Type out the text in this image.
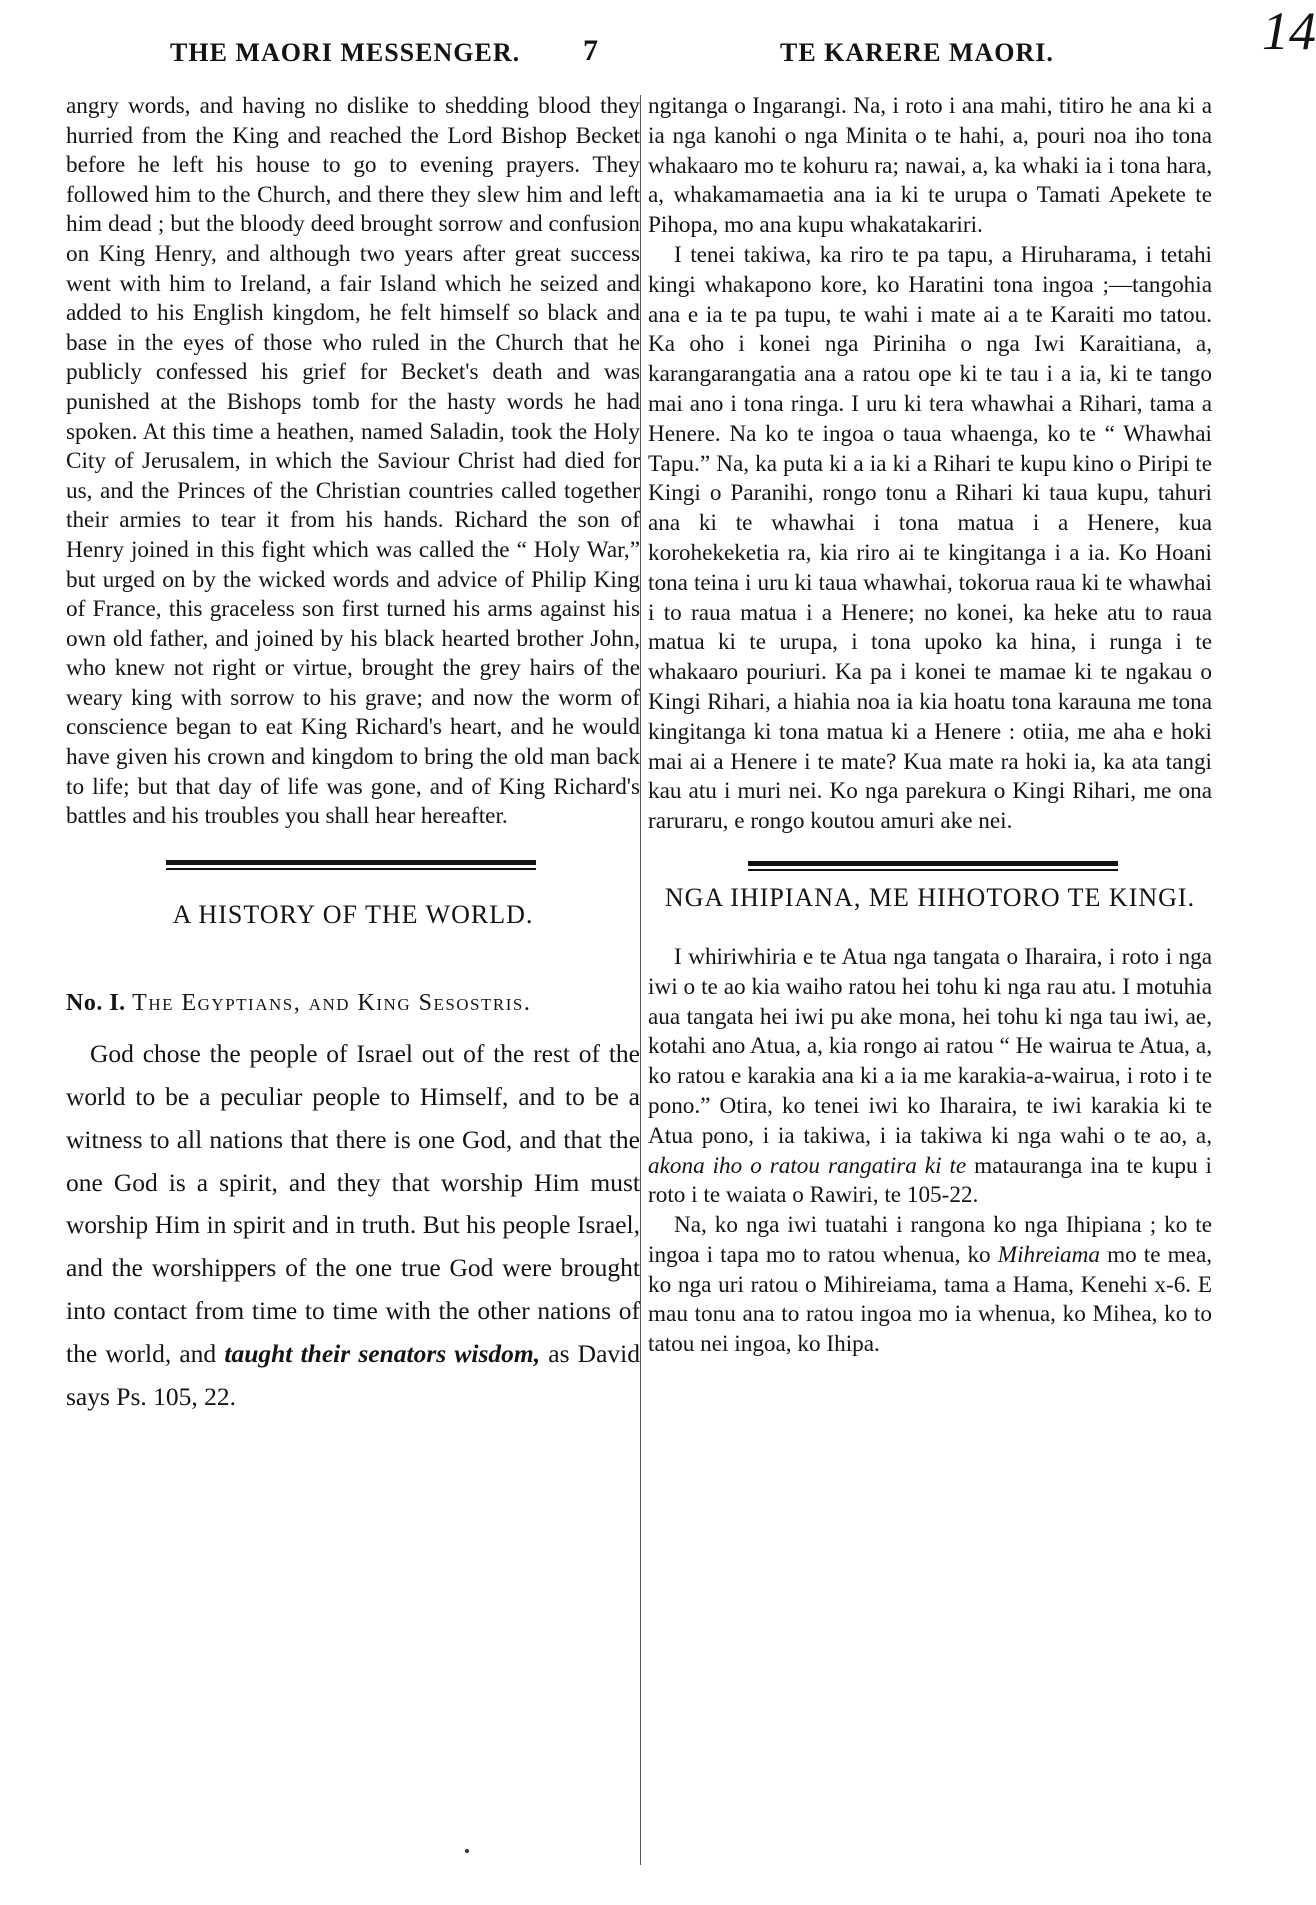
THE MAORI MESSENGER. 7	TE KARERE MAORI.	14

angry words, and having no dislike to shedding blood they hurried from the King and reached the Lord Bishop Becket before he left his house to go to evening prayers. They followed him to the Church, and there they slew him and left him dead ; but the bloody deed brought sorrow and confusion on King Henry, and although two years after great success went with him to Ireland, a fair Island which he seized and added to his English kingdom, he felt himself so black and base in the eyes of those who ruled in the Church that he publicly confessed his grief for Becket's death and was punished at the Bishops tomb for the hasty words he had spoken. At this time a heathen, named Saladin, took the Holy City of Jerusalem, in which the Saviour Christ had died for us, and the Princes of the Christian countries called together their armies to tear it from his hands. Richard the son of Henry joined in this fight which was called the “ Holy War,” but urged on by the wicked words and advice of Philip King of France, this graceless son first turned his arms against his own old father, and joined by his black hearted brother John, who knew not right or virtue, brought the grey hairs of the weary king with sorrow to his grave; and now the worm of conscience began to eat King Richard's heart, and he would have given his crown and kingdom to bring the old man back to life; but that day of life was gone, and of King Richard's battles and his troubles you shall hear hereafter.

A HISTORY OF THE WORLD.

No. I. The Egyptians, and King Sesostris.

God chose the people of Israel out of the rest of the world to be a peculiar people to Himself, and to be a witness to all nations that there is one God, and that the one God is a spirit, and they that worship Him must worship Him in spirit and in truth. But his people Israel, and the worshippers of the one true God were brought into contact from time to time with the other nations of the world, and taught their senators wisdom, as David says Ps. 105, 22.

ngitanga o Ingarangi. Na, i roto i ana mahi, titiro he ana ki a ia nga kanohi o nga Minita o te hahi, a, pouri noa iho tona whakaaro mo te kohuru ra; nawai, a, ka whaki ia i tona hara, a, whakamamaetia ana ia ki te urupa o Tamati Apekete te Pihopa, mo ana kupu whakatakariri.

I tenei takiwa, ka riro te pa tapu, a Hiruharama, i tetahi kingi whakapono kore, ko Haratini tona ingoa ;—tangohia ana e ia te pa tupu, te wahi i mate ai a te Karaiti mo tatou. Ka oho i konei nga Piriniha o nga Iwi Karaitiana, a, karangarangatia ana a ratou ope ki te tau i a ia, ki te tango mai ano i tona ringa. I uru ki tera whawhai a Rihari, tama a Henere. Na ko te ingoa o taua whaenga, ko te “ Whawhai Tapu.” Na, ka puta ki a ia ki a Rihari te kupu kino o Piripi te Kingi o Paranihi, rongo tonu a Rihari ki taua kupu, tahuri ana ki te whawhai i tona matua i a Henere, kua korohekeketia ra, kia riro ai te kingitanga i a ia. Ko Hoani tona teina i uru ki taua whawhai, tokorua raua ki te whawhai i to raua matua i a Henere; no konei, ka heke atu to raua matua ki te urupa, i tona upoko ka hina, i runga i te whakaaro pouriuri. Ka pa i konei te mamae ki te ngakau o Kingi Rihari, a hiahia noa ia kia hoatu tona karauna me tona kingitanga ki tona matua ki a Henere : otiia, me aha e hoki mai ai a Henere i te mate? Kua mate ra hoki ia, ka ata tangi kau atu i muri nei. Ko nga parekura o Kingi Rihari, me ona raruraru, e rongo koutou amuri ake nei.

NGA IHIPIANA, ME HIHOTORO TE KINGI.

I whiriwhiria e te Atua nga tangata o Iharaira, i roto i nga iwi o te ao kia waiho ratou hei tohu ki nga rau atu. I motuhia aua tangata hei iwi pu ake mona, hei tohu ki nga tau iwi, ae, kotahi ano Atua, a, kia rongo ai ratou “ He wairua te Atua, a, ko ratou e karakia ana ki a ia me karakia-a-wairua, i roto i te pono.” Otira, ko tenei iwi ko Iharaira, te iwi karakia ki te Atua pono, i ia takiwa, i ia takiwa ki nga wahi o te ao, a, akona iho o ratou rangatira ki te matauranga ina te kupu i roto i te waiata o Rawiri, te 105-22.

Na, ko nga iwi tuatahi i rangona ko nga Ihipiana ; ko te ingoa i tapa mo to ratou whenua, ko Mihreiama mo te mea, ko nga uri ratou o Mihireiama, tama a Hama, Kenehi x-6. E mau tonu ana to ratou ingoa mo ia whenua, ko Mihea, ko to tatou nei ingoa, ko Ihipa.
